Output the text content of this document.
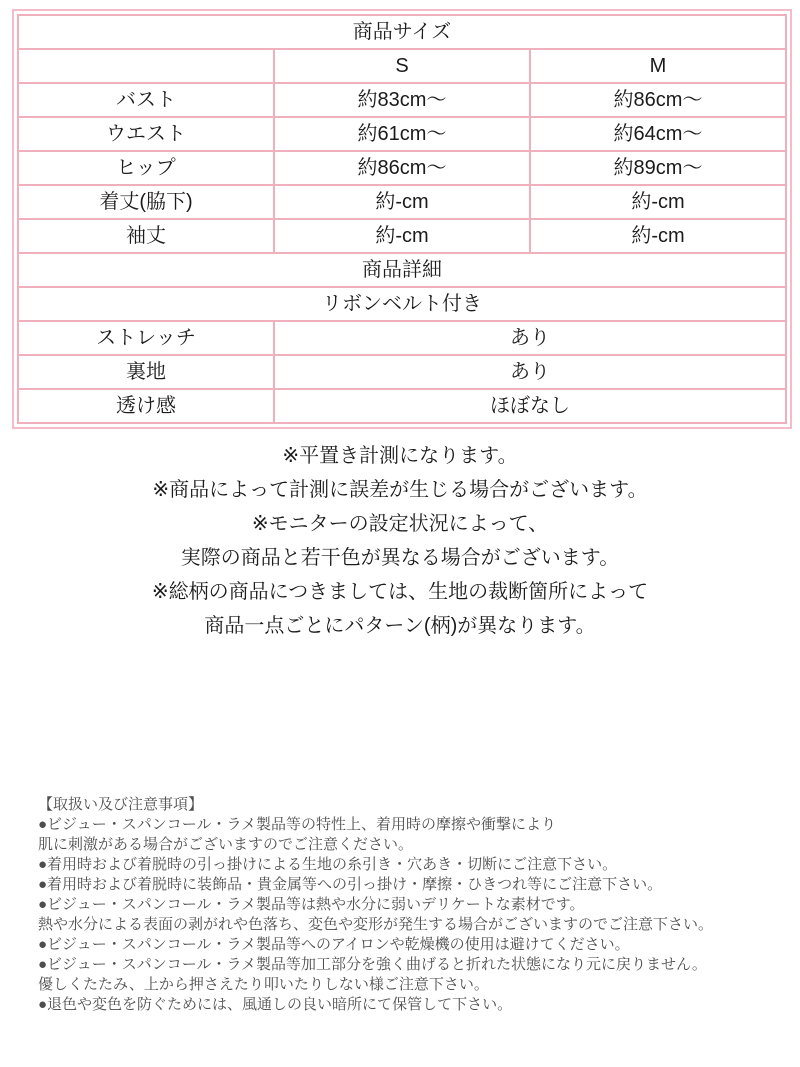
商品サイズ		
	S	M
バスト	約83cm〜	約86cm〜
ウエスト	約61cm〜	約64cm〜
ヒップ	約86cm〜	約89cm〜
着丈(脇下)	約-cm	約-cm
袖丈	約-cm	約-cm
商品詳細		
リボンベルト付き		
ストレッチ	あり	
裏地	あり	
透け感	ほぼなし	
※平置き計測になります。
※商品によって計測に誤差が生じる場合がございます。
※モニターの設定状況によって、
実際の商品と若干色が異なる場合がございます。
※総柄の商品につきましては、生地の裁断箇所によって
商品一点ごとにパターン(柄)が異なります。
【取扱い及び注意事項】
●ビジュー・スパンコール・ラメ製品等の特性上、着用時の摩擦や衝撃により
肌に刺激がある場合がございますのでご注意ください。
●着用時および着脱時の引っ掛けによる生地の糸引き・穴あき・切断にご注意下さい。
●着用時および着脱時に装飾品・貴金属等への引っ掛け・摩擦・ひきつれ等にご注意下さい。
●ビジュー・スパンコール・ラメ製品等は熱や水分に弱いデリケートな素材です。
熱や水分による表面の剥がれや色落ち、変色や変形が発生する場合がございますのでご注意下さい。
●ビジュー・スパンコール・ラメ製品等へのアイロンや乾燥機の使用は避けてください。
●ビジュー・スパンコール・ラメ製品等加工部分を強く曲げると折れた状態になり元に戻りません。
優しくたたみ、上から押さえたり叩いたりしない様ご注意下さい。
●退色や変色を防ぐためには、風通しの良い暗所にて保管して下さい。
